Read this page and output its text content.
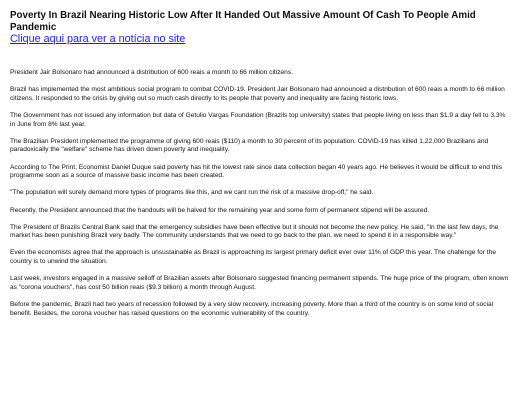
Poverty In Brazil Nearing Historic Low After It Handed Out Massive Amount Of Cash To People Amid Pandemic
Clique aqui para ver a notícia no site

President Jair Bolsonaro had announced a distribution of 600 reais a month to 66 million citizens.

Brazil has implemented the most ambitious social program to combat COVID-19. President Jair Bolsonaro had announced a distribution of 600 reais a month to 66 million citizens. It responded to the crisis by giving out so much cash directly to its people that poverty and inequality are facing historic lows.

The Government has not issued any information but data of Getulio Vargas Foundation (Brazils top university) states that people living on less than $1.9 a day fell to 3.3% in June from 8% last year.

The Brazilian President implemented the programme of giving 600 reais ($110) a month to 30 percent of its population. COVID-19 has killed 1,22,000 Brazilians and paradoxically the "welfare" scheme has driven down poverty and inequality.

According to The Print, Economist Daniel Duque said poverty has hit the lowest rate since data collection began 40 years ago. He believes it would be difficult to end this programme soon as a source of massive basic income has been created.

"The population will surely demand more types of programs like this, and we cant run the risk of a massive drop-off," he said.

Recently, the President announced that the handouts will be halved for the remaining year and some form of permanent stipend will be assured.

The President of Brazils Central Bank said that the emergency subsidies have been effective but it should not become the new policy. He said, "In the last few days, the market has been punishing Brazil very badly. The community understands that we need to go back to the plan, we need to spend it in a responsible way."

Even the economists agree that the approach is unsustainable as Brazil is approaching its largest primary deficit ever over 11% of GDP this year. The challenge for the country is to unwind the situation.

Last week, investors engaged in a massive selloff of Brazilian assets after Bolsonaro suggested financing permanent stipends. The huge price of the program, often known as "corona vouchers", has cost 50 billion reais ($9.3 billion) a month through August.

Before the pandemic, Brazil had two years of recession followed by a very slow recovery, increasing poverty. More than a third of the country is on some kind of social benefit. Besides, the corona voucher has raised questions on the economic vulnerability of the country.
